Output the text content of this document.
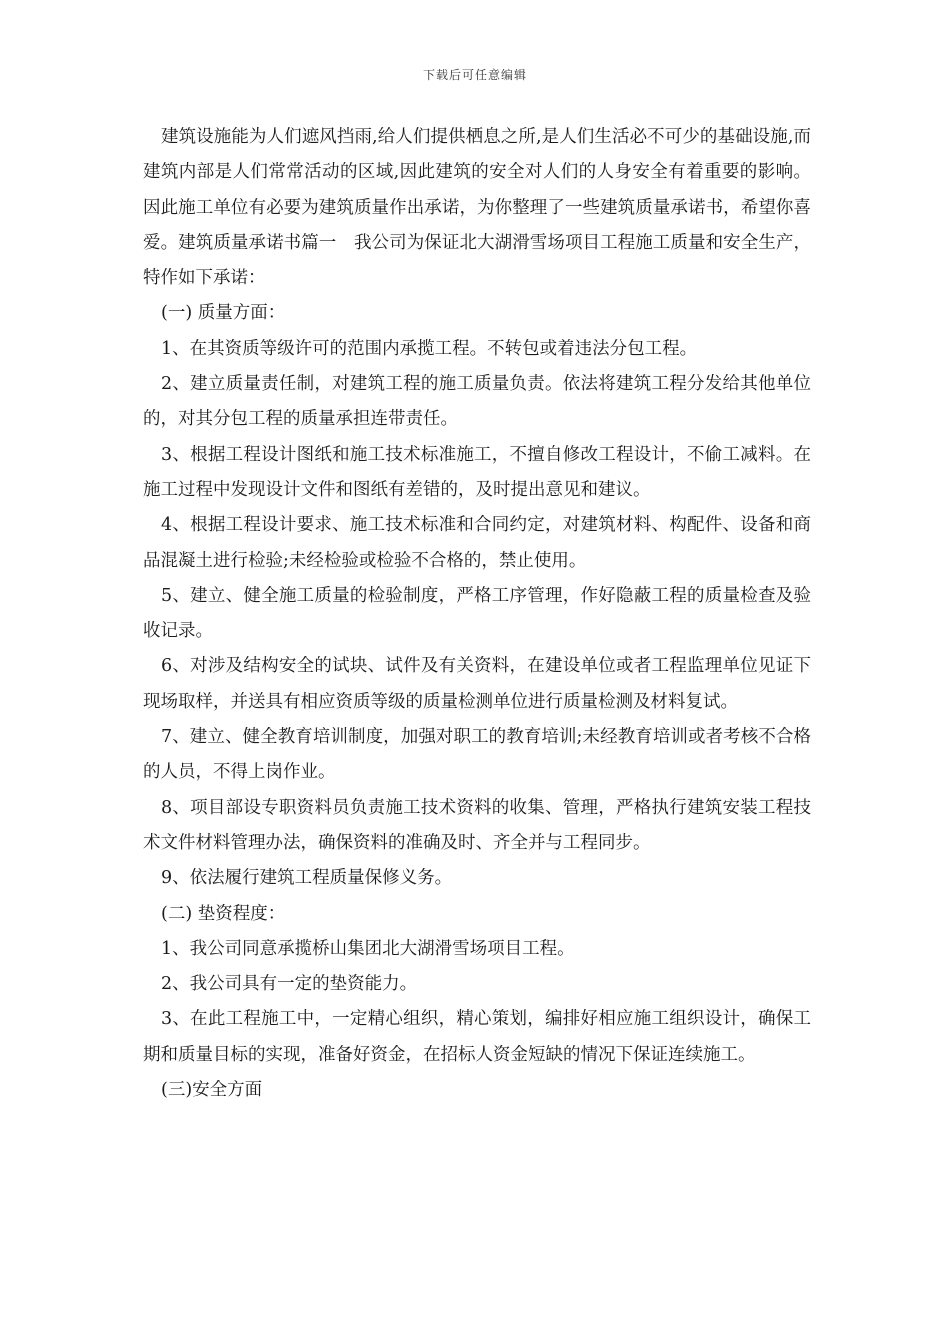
下载后可任意编辑

建筑设施能为人们遮风挡雨,给人们提供栖息之所,是人们生活必不可少的基础设施,而建筑内部是人们常常活动的区域,因此建筑的安全对人们的人身安全有着重要的影响。因此施工单位有必要为建筑质量作出承诺，为你整理了一些建筑质量承诺书，希望你喜爱。建筑质量承诺书篇一　我公司为保证北大湖滑雪场项目工程施工质量和安全生产，特作如下承诺：

(一) 质量方面：

1、在其资质等级许可的范围内承揽工程。不转包或着违法分包工程。

2、建立质量责任制，对建筑工程的施工质量负责。依法将建筑工程分发给其他单位的，对其分包工程的质量承担连带责任。

3、根据工程设计图纸和施工技术标准施工，不擅自修改工程设计，不偷工减料。在施工过程中发现设计文件和图纸有差错的，及时提出意见和建议。

4、根据工程设计要求、施工技术标准和合同约定，对建筑材料、构配件、设备和商品混凝土进行检验;未经检验或检验不合格的，禁止使用。

5、建立、健全施工质量的检验制度，严格工序管理，作好隐蔽工程的质量检查及验收记录。

6、对涉及结构安全的试块、试件及有关资料，在建设单位或者工程监理单位见证下现场取样，并送具有相应资质等级的质量检测单位进行质量检测及材料复试。

7、建立、健全教育培训制度，加强对职工的教育培训;未经教育培训或者考核不合格的人员，不得上岗作业。

8、项目部设专职资料员负责施工技术资料的收集、管理，严格执行建筑安装工程技术文件材料管理办法，确保资料的准确及时、齐全并与工程同步。

9、依法履行建筑工程质量保修义务。

(二) 垫资程度：

1、我公司同意承揽桥山集团北大湖滑雪场项目工程。

2、我公司具有一定的垫资能力。

3、在此工程施工中，一定精心组织，精心策划，编排好相应施工组织设计，确保工期和质量目标的实现，准备好资金，在招标人资金短缺的情况下保证连续施工。

(三)安全方面
